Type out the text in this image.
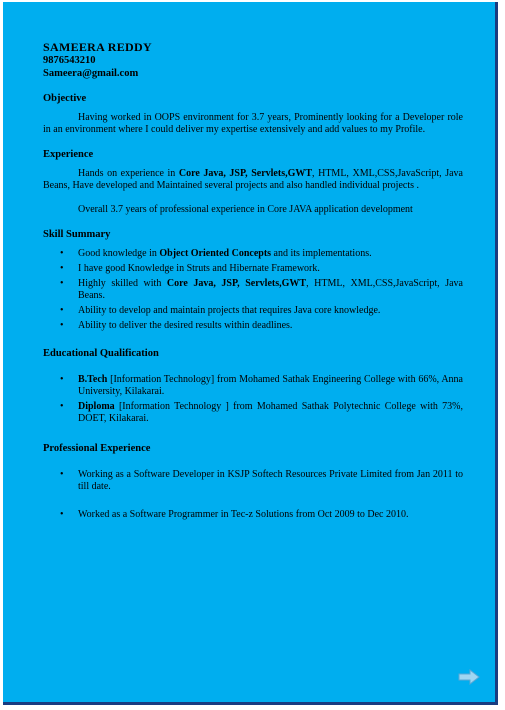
SAMEERA REDDY
9876543210
Sameera@gmail.com
Objective

Having worked in OOPS environment for 3.7 years, Prominently looking for a Developer role in an environment where I could deliver my expertise extensively and add values to my Profile.

Experience

Hands on experience in Core Java, JSP, Servlets,GWT, HTML, XML,CSS,JavaScript, Java Beans, Have developed and Maintained several projects and also handled individual projects .

Overall 3.7 years of professional experience in Core JAVA application development

Skill Summary
• Good knowledge in Object Oriented Concepts and its implementations.
• I have good Knowledge in Struts and Hibernate Framework.
• Highly skilled with Core Java, JSP, Servlets,GWT, HTML, XML,CSS,JavaScript, Java Beans.
• Ability to develop and maintain projects that requires Java core knowledge.
• Ability to deliver the desired results within deadlines.
Educational Qualification
• B.Tech [Information Technology] from Mohamed Sathak Engineering College with 66%, Anna University, Kilakarai.
• Diploma [Information Technology ] from Mohamed Sathak Polytechnic College with 73%, DOET, Kilakarai.
Professional Experience
• Working as a Software Developer in KSJP Softech Resources Private Limited from Jan 2011 to till date.
• Worked as a Software Programmer in Tec-z Solutions from Oct 2009 to Dec 2010.
